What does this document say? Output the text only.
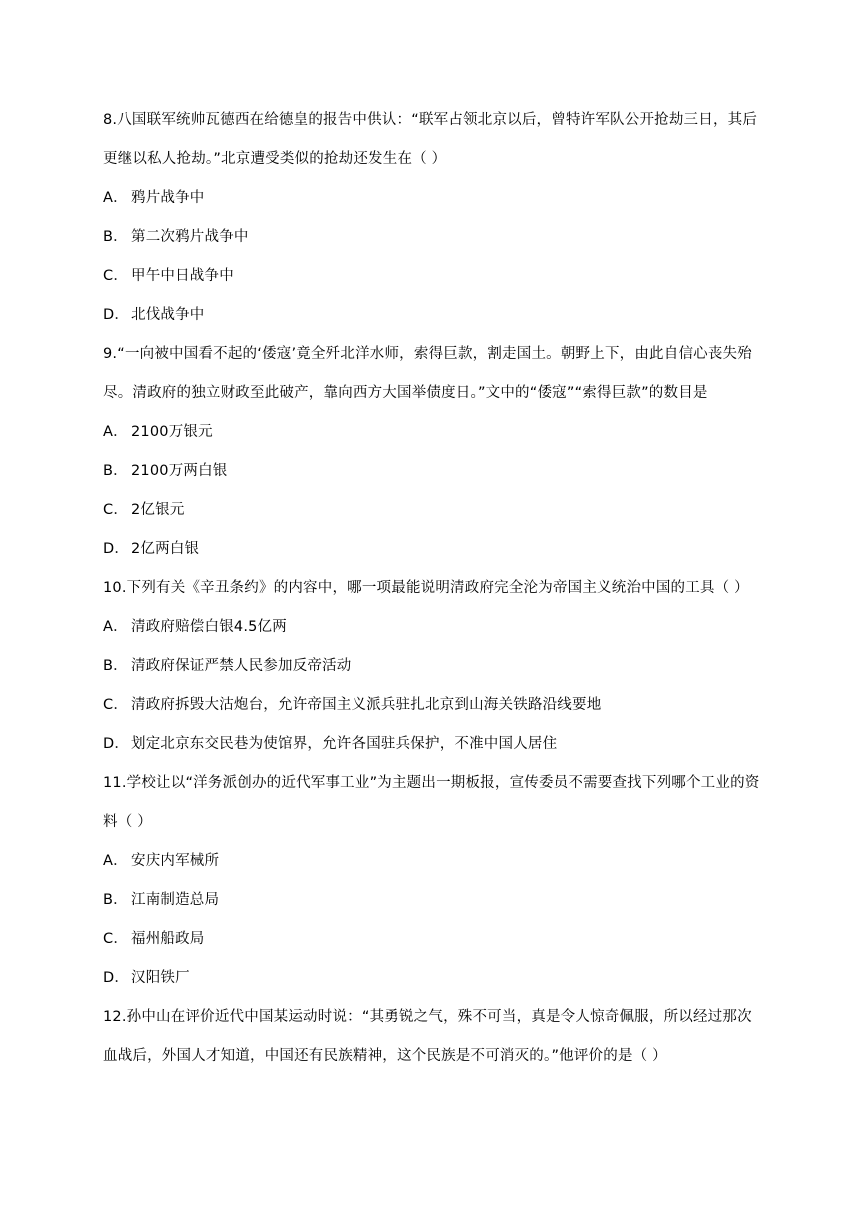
8.八国联军统帅瓦德西在给德皇的报告中供认：“联军占领北京以后，曾特许军队公开抢劫三日，其后更继以私人抢劫。”北京遭受类似的抢劫还发生在（ ）

A． 鸦片战争中

B． 第二次鸦片战争中

C． 甲午中日战争中

D． 北伐战争中

9.“一向被中国看不起的‘倭寇’竟全歼北洋水师，索得巨款，割走国土。朝野上下，由此自信心丧失殆尽。清政府的独立财政至此破产，靠向西方大国举债度日。”文中的“倭寇”“索得巨款”的数目是

A． 2100万银元

B． 2100万两白银

C． 2亿银元

D． 2亿两白银

10.下列有关《辛丑条约》的内容中，哪一项最能说明清政府完全沦为帝国主义统治中国的工具（ ）

A． 清政府赔偿白银4.5亿两

B． 清政府保证严禁人民参加反帝活动

C． 清政府拆毁大沽炮台，允许帝国主义派兵驻扎北京到山海关铁路沿线要地

D． 划定北京东交民巷为使馆界，允许各国驻兵保护，不准中国人居住

11.学校让以“洋务派创办的近代军事工业”为主题出一期板报，宣传委员不需要查找下列哪个工业的资料（ ）

A． 安庆内军械所

B． 江南制造总局

C． 福州船政局

D． 汉阳铁厂

12.孙中山在评价近代中国某运动时说：“其勇锐之气，殊不可当，真是令人惊奇佩服，所以经过那次血战后，外国人才知道，中国还有民族精神，这个民族是不可消灭的。”他评价的是（ ）
